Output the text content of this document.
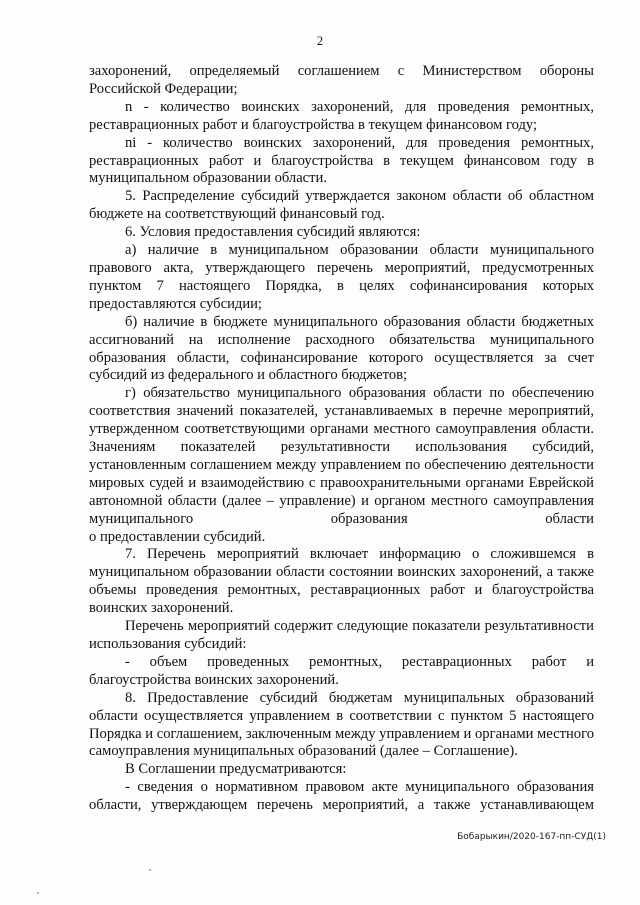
2

захоронений, определяемый соглашением с Министерством обороны Российской Федерации;

n - количество воинских захоронений, для проведения ремонтных, реставрационных работ и благоустройства в текущем финансовом году;

ni - количество воинских захоронений, для проведения ремонтных, реставрационных работ и благоустройства в текущем финансовом году в муниципальном образовании области.

5. Распределение субсидий утверждается законом области об областном бюджете на соответствующий финансовый год.

6. Условия предоставления субсидий являются:

а) наличие в муниципальном образовании области муниципального правового акта, утверждающего перечень мероприятий, предусмотренных пунктом 7 настоящего Порядка, в целях софинансирования которых предоставляются субсидии;

б) наличие в бюджете муниципального образования области бюджетных ассигнований на исполнение расходного обязательства муниципального образования области, софинансирование которого осуществляется за счет субсидий из федерального и областного бюджетов;

г) обязательство муниципального образования области по обеспечению соответствия значений показателей, устанавливаемых в перечне мероприятий, утвержденном соответствующими органами местного самоуправления области. Значениям показателей результативности использования субсидий, установленным соглашением между управлением по обеспечению деятельности мировых судей и взаимодействию с правоохранительными органами Еврейской автономной области (далее – управление) и органом местного самоуправления муниципального образования области

о предоставлении субсидий.

7. Перечень мероприятий включает информацию о сложившемся в муниципальном образовании области состоянии воинских захоронений, а также объемы проведения ремонтных, реставрационных работ и благоустройства воинских захоронений.

Перечень мероприятий содержит следующие показатели результативности использования субсидий:

- объем проведенных ремонтных, реставрационных работ и благоустройства воинских захоронений.

8. Предоставление субсидий бюджетам муниципальных образований области осуществляется управлением в соответствии с пунктом 5 настоящего Порядка и соглашением, заключенным между управлением и органами местного самоуправления муниципальных образований (далее – Соглашение).

В Соглашении предусматриваются:

- сведения о нормативном правовом акте муниципального образования области, утверждающем перечень мероприятий, а также устанавливающем

Бобарыкин/2020-167-пп-СУД(1)
